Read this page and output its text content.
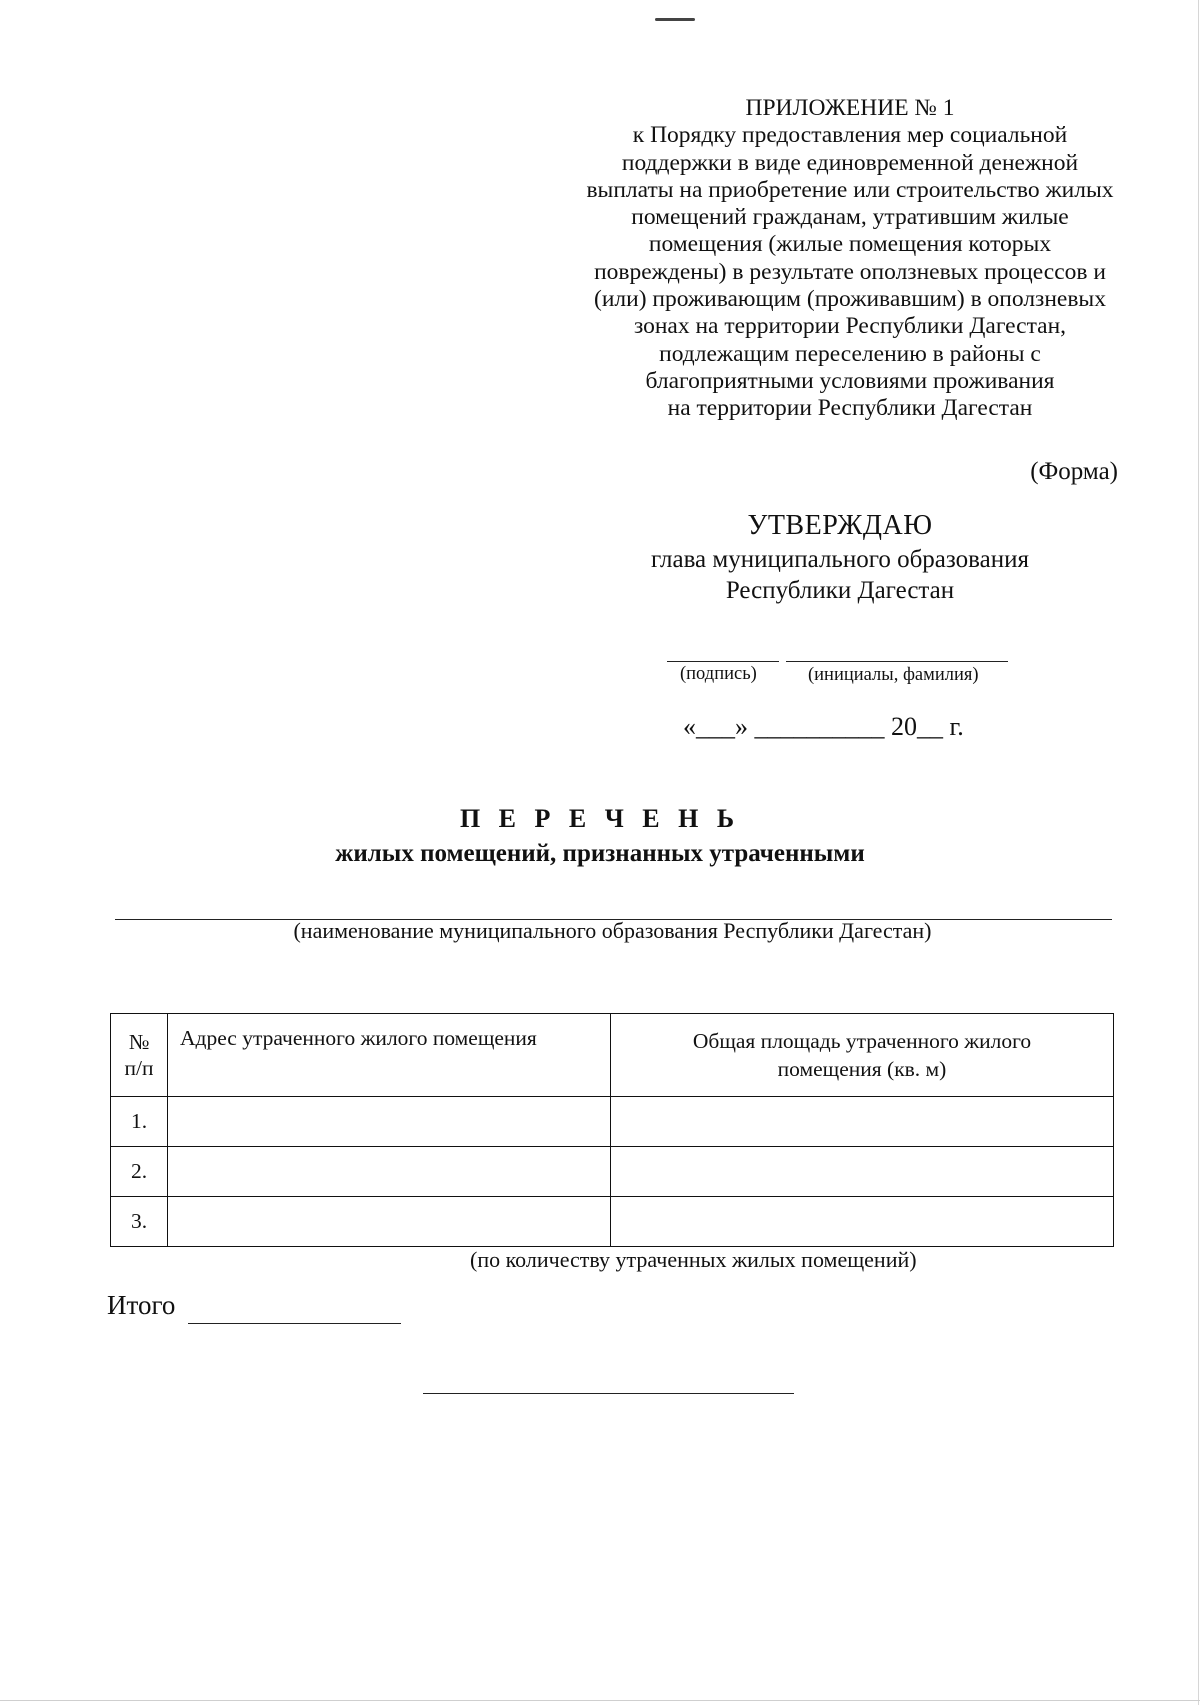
ПРИЛОЖЕНИЕ № 1
к Порядку предоставления мер социальной
поддержки в виде единовременной денежной
выплаты на приобретение или строительство жилых
помещений гражданам, утратившим жилые
помещения (жилые помещения которых
повреждены) в результате оползневых процессов и
(или) проживающим (проживавшим) в оползневых
зонах на территории Республики Дагестан,
подлежащим переселению в районы с
благоприятными условиями проживания
на территории Республики Дагестан
(Форма)
УТВЕРЖДАЮ
глава муниципального образования
Республики Дагестан
(подпись)	(инициалы, фамилия)
«___» __________ 20__ г.
П Е Р Е Ч Е Н Ь
жилых помещений, признанных утраченными
(наименование муниципального образования Республики Дагестан)
№
п/п	Адрес утраченного жилого помещения	Общая площадь утраченного жилого
помещения (кв. м)
1.		
2.		
3.		
(по количеству утраченных жилых помещений)
Итого
